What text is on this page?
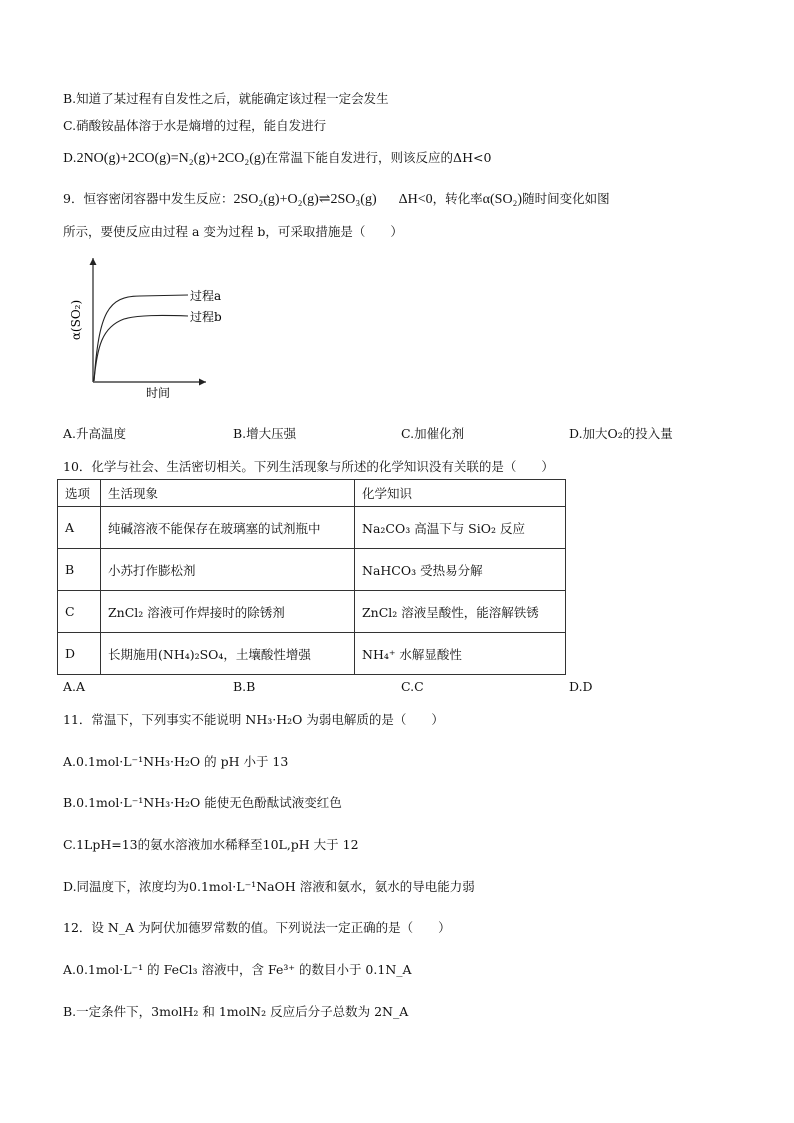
B.知道了某过程有自发性之后，就能确定该过程一定会发生
C.硝酸铵晶体溶于水是熵增的过程，能自发进行
D.2NO(g)+2CO(g)=N₂(g)+2CO₂(g)在常温下能自发进行，则该反应的ΔH<0
9．恒容密闭容器中发生反应：2SO₂(g)+O₂(g)⇌2SO₃(g) ΔH<0，转化率α(SO₂)随时间变化如图
所示，要使反应由过程 a 变为过程 b，可采取措施是（　　）
α(SO₂)
时间
过程a
过程b
A.升高温度	B.增大压强	C.加催化剂	D.加大O₂的投入量
10．化学与社会、生活密切相关。下列生活现象与所述的化学知识没有关联的是（　　）
选项	生活现象	化学知识
A	纯碱溶液不能保存在玻璃塞的试剂瓶中	Na₂CO₃ 高温下与 SiO₂ 反应
B	小苏打作膨松剂	NaHCO₃ 受热易分解
C	ZnCl₂ 溶液可作焊接时的除锈剂	ZnCl₂ 溶液呈酸性，能溶解铁锈
D	长期施用(NH₄)₂SO₄，土壤酸性增强	NH₄⁺ 水解显酸性
A.A	B.B	C.C	D.D
11．常温下，下列事实不能说明 NH₃·H₂O 为弱电解质的是（　　）
A.0.1mol·L⁻¹NH₃·H₂O 的 pH 小于 13
B.0.1mol·L⁻¹NH₃·H₂O 能使无色酚酞试液变红色
C.1LpH=13的氨水溶液加水稀释至10L,pH 大于 12
D.同温度下，浓度均为0.1mol·L⁻¹NaOH 溶液和氨水，氨水的导电能力弱
12．设 N_A 为阿伏加德罗常数的值。下列说法一定正确的是（　　）
A.0.1mol·L⁻¹ 的 FeCl₃ 溶液中，含 Fe³⁺ 的数目小于 0.1N_A
B.一定条件下，3molH₂ 和 1molN₂ 反应后分子总数为 2N_A
